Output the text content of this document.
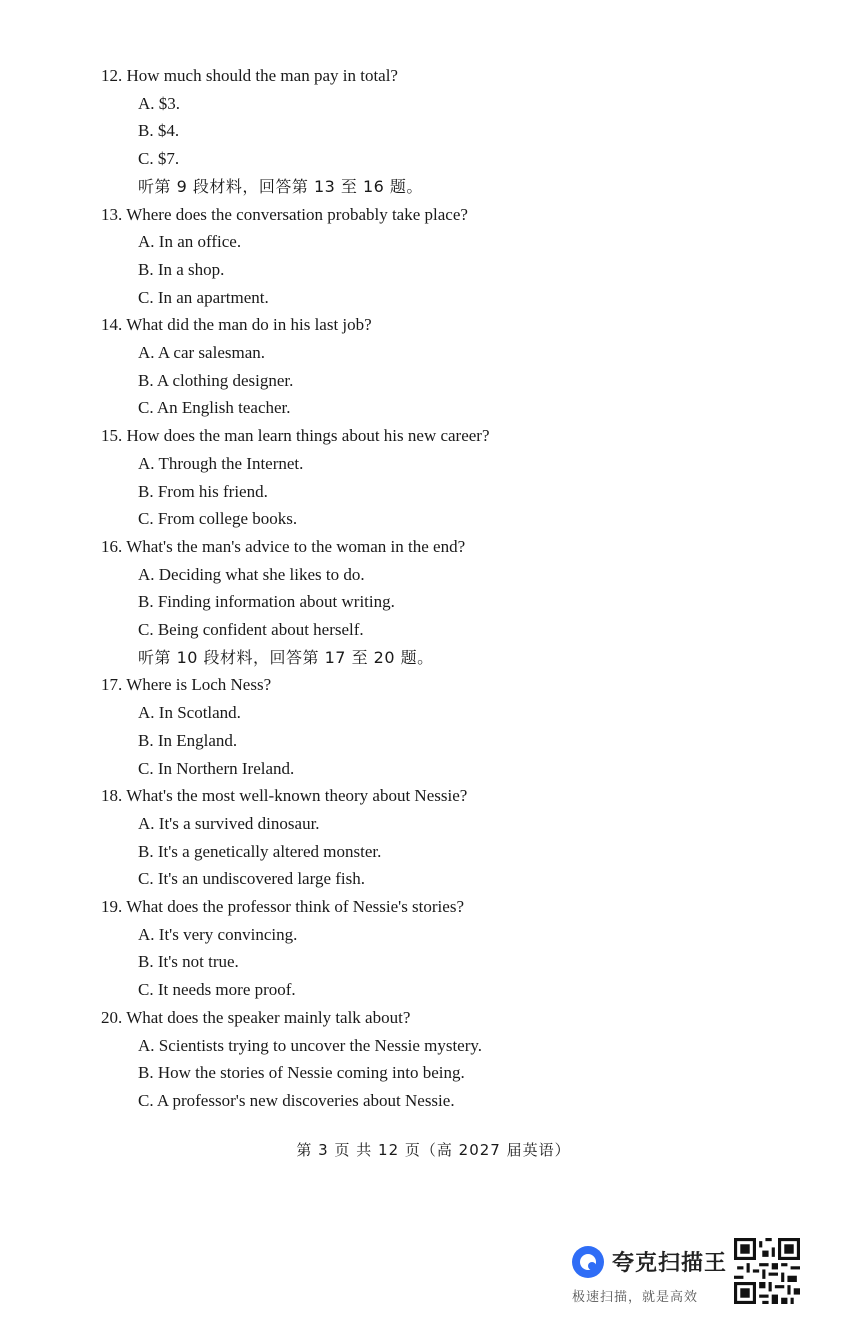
12. How much should the man pay in total?
A. $3.
B. $4.
C. $7.
听第 9 段材料，回答第 13 至 16 题。
13. Where does the conversation probably take place?
A. In an office.
B. In a shop.
C. In an apartment.
14. What did the man do in his last job?
A. A car salesman.
B. A clothing designer.
C. An English teacher.
15. How does the man learn things about his new career?
A. Through the Internet.
B. From his friend.
C. From college books.
16. What's the man's advice to the woman in the end?
A. Deciding what she likes to do.
B. Finding information about writing.
C. Being confident about herself.
听第 10 段材料，回答第 17 至 20 题。
17. Where is Loch Ness?
A. In Scotland.
B. In England.
C. In Northern Ireland.
18. What's the most well-known theory about Nessie?
A. It's a survived dinosaur.
B. It's a genetically altered monster.
C. It's an undiscovered large fish.
19. What does the professor think of Nessie's stories?
A. It's very convincing.
B. It's not true.
C. It needs more proof.
20. What does the speaker mainly talk about?
A. Scientists trying to uncover the Nessie mystery.
B. How the stories of Nessie coming into being.
C. A professor's new discoveries about Nessie.
第 3 页 共 12 页（高 2027 届英语）
夸克扫描王
极速扫描，就是高效
